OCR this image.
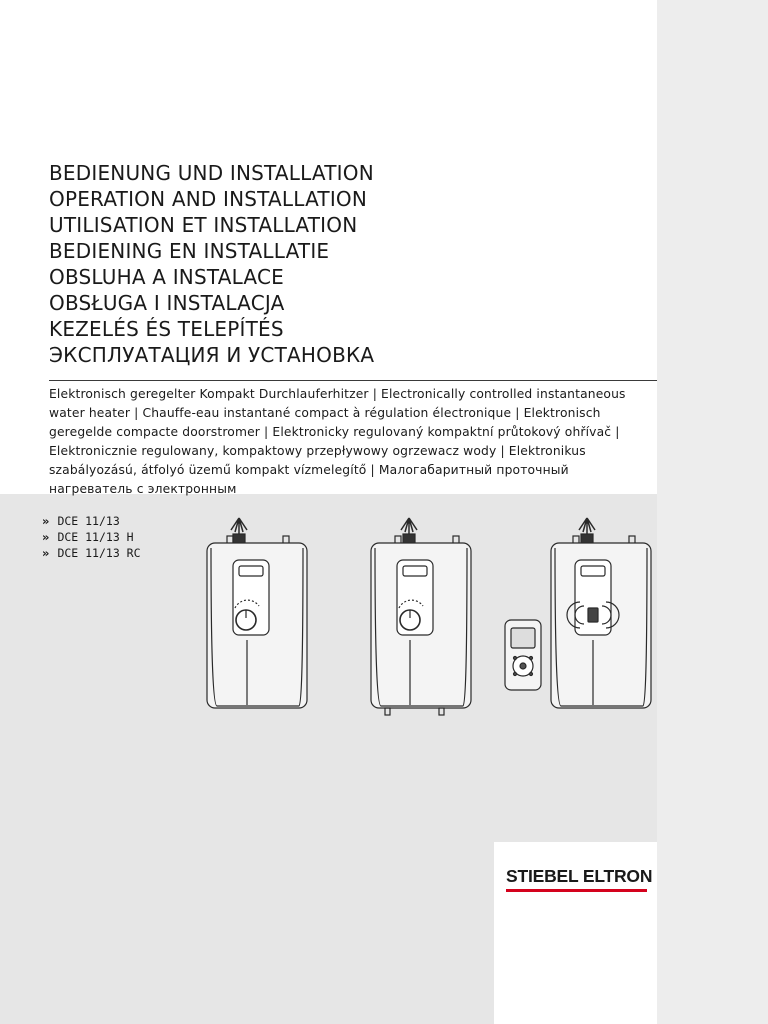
BEDIENUNG UND INSTALLATION
OPERATION AND INSTALLATION
UTILISATION ET INSTALLATION
BEDIENING EN INSTALLATIE
OBSLUHA A INSTALACE
OBSŁUGA I INSTALACJA
KEZELÉS ÉS TELEPÍTÉS
ЭКСПЛУАТАЦИЯ И УСТАНОВКА

Elektronisch geregelter Kompakt Durchlauferhitzer | Electronically controlled instantaneous water heater | Chauffe-eau instantané compact à régulation électronique | Elektronisch geregelde compacte doorstromer | Elektronicky regulovaný kompaktní průtokový ohřívač | Elektronicznie regulowany, kompaktowy przepływowy ogrzewacz wody | Elektronikus szabályozású, átfolyó üzemű kompakt vízmelegítő | Малогабаритный проточный нагреватель с электронным

» DCE 11/13
» DCE 11/13 H
» DCE 11/13 RC
STIEBEL ELTRON
